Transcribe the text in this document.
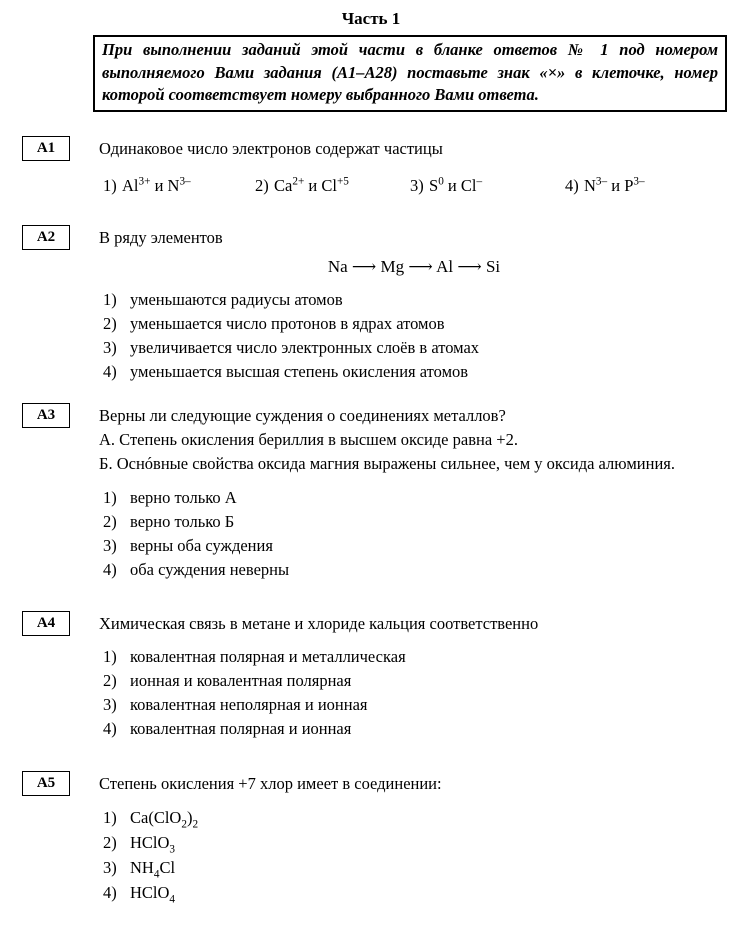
Часть 1
При выполнении заданий этой части в бланке ответов № 1 под номером выполняемого Вами задания (А1–А28) поставьте знак «×» в клеточке, номер которой соответствует номеру выбранного Вами ответа.
А1	Одинаковое число электронов содержат частицы
1) $Al^{3+}$ и $N^{3-}$	2) $Ca^{2+}$ и $Cl^{+5}$	3) $S^0$ и Cl–	4) $N^{3-}$ и $P^{3-}$
А2	В ряду элементов
Na ⟶ Mg ⟶ Al ⟶ Si
1) уменьшаются радиусы атомов
2) уменьшается число протонов в ядрах атомов
3) увеличивается число электронных слоёв в атомах
4) уменьшается высшая степень окисления атомов
А3	Верны ли следующие суждения о соединениях металлов?

А. Степень окисления бериллия в высшем оксиде равна +2.

Б. Оснóвные свойства оксида магния выражены сильнее, чем у оксида алюминия.

1) верно только А
2) верно только Б
3) верны оба суждения
4) оба суждения неверны
А4	Химическая связь в метане и хлориде кальция соответственно
1) ковалентная полярная и металлическая
2) ионная и ковалентная полярная
3) ковалентная неполярная и ионная
4) ковалентная полярная и ионная
А5	Степень окисления +7 хлор имеет в соединении:
1) $Ca(ClO_2)_2$
2) HClO$_3$
3) $NH_4Cl$
4) HClO$_4$
